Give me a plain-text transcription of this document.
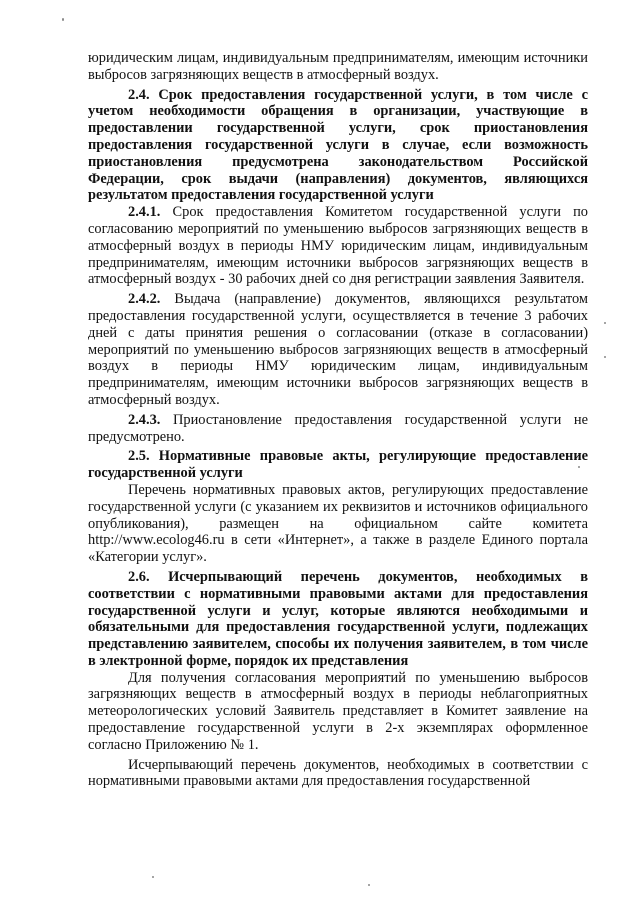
юридическим лицам, индивидуальным предпринимателям, имеющим источники выбросов загрязняющих веществ в атмосферный воздух.

2.4. Срок предоставления государственной услуги, в том числе с учетом необходимости обращения в организации, участвующие в предоставлении государственной услуги, срок приостановления предоставления государственной услуги в случае, если возможность приостановления предусмотрена законодательством Российской Федерации, срок выдачи (направления) документов, являющихся результатом предоставления государственной услуги

2.4.1. Срок предоставления Комитетом государственной услуги по согласованию мероприятий по уменьшению выбросов загрязняющих веществ в атмосферный воздух в периоды НМУ юридическим лицам, индивидуальным предпринимателям, имеющим источники выбросов загрязняющих веществ в атмосферный воздух - 30 рабочих дней со дня регистрации заявления Заявителя.

2.4.2. Выдача (направление) документов, являющихся результатом предоставления государственной услуги, осуществляется в течение 3 рабочих дней с даты принятия решения о согласовании (отказе в согласовании) мероприятий по уменьшению выбросов загрязняющих веществ в атмосферный воздух в периоды НМУ юридическим лицам, индивидуальным предпринимателям, имеющим источники выбросов загрязняющих веществ в атмосферный воздух.

2.4.3. Приостановление предоставления государственной услуги не предусмотрено.

2.5. Нормативные правовые акты, регулирующие предоставление государственной услуги

Перечень нормативных правовых актов, регулирующих предоставление государственной услуги (с указанием их реквизитов и источников официального опубликования), размещен на официальном сайте комитета http://www.ecolog46.ru в сети «Интернет», а также в разделе Единого портала «Категории услуг».

2.6. Исчерпывающий перечень документов, необходимых в соответствии с нормативными правовыми актами для предоставления государственной услуги и услуг, которые являются необходимыми и обязательными для предоставления государственной услуги, подлежащих представлению заявителем, способы их получения заявителем, в том числе в электронной форме, порядок их представления

Для получения согласования мероприятий по уменьшению выбросов загрязняющих веществ в атмосферный воздух в периоды неблагоприятных метеорологических условий Заявитель представляет в Комитет заявление на предоставление государственной услуги в 2-х экземплярах оформленное согласно Приложению № 1.

Исчерпывающий перечень документов, необходимых в соответствии с нормативными правовыми актами для предоставления государственной
